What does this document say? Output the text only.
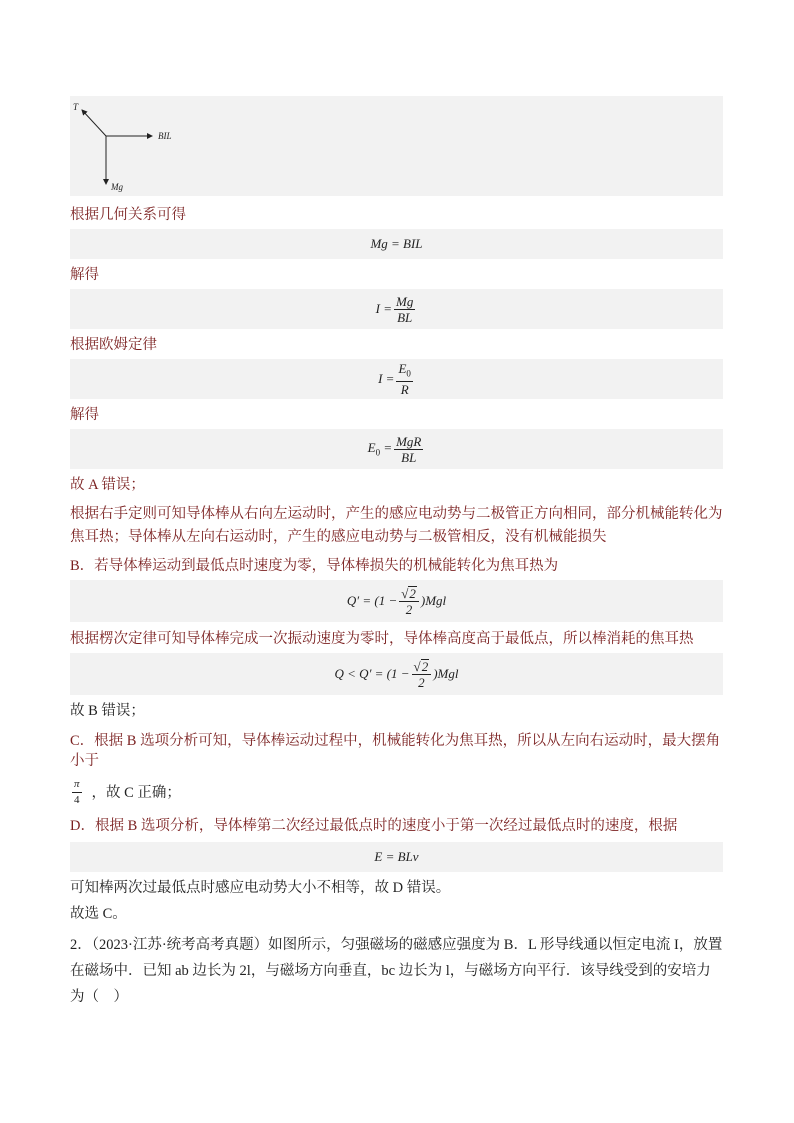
T
BIL
Mg

根据几何关系可得

Mg = BIL

解得

$I = \frac{Mg}{BL}$

根据欧姆定律

$I = \frac{E_0}{R}$

解得

$E_0 = \frac{\text{MgR}}{BL}$

故 A 错误；

根据右手定则可知导体棒从右向左运动时，产生的感应电动势与二极管正方向相同，部分机械能转化为焦耳热；导体棒从左向右运动时，产生的感应电动势与二极管相反，没有机械能损失

B．若导体棒运动到最低点时速度为零，导体棒损失的机械能转化为焦耳热为

$Q' = (1 - \frac{√ 2}{2} )Mgl$

根据楞次定律可知导体棒完成一次振动速度为零时，导体棒高度高于最低点，所以棒消耗的焦耳热

$Q < Q' = (1 - \frac{√ 2}{2} )Mgl$

故 B 错误；

C．根据 B 选项分析可知，导体棒运动过程中，机械能转化为焦耳热，所以从左向右运动时，最大摆角小于

$\frac{\pi}{4}$ ，故 C 正确；

D．根据 B 选项分析，导体棒第二次经过最低点时的速度小于第一次经过最低点时的速度，根据

E = BLv

可知棒两次过最低点时感应电动势大小不相等，故 D 错误。

故选 C。

2．（2023·江苏·统考高考真题）如图所示，匀强磁场的磁感应强度为 B．L 形导线通以恒定电流 I，放置在磁场中．已知 ab 边长为 2l，与磁场方向垂直，bc 边长为 l，与磁场方向平行．该导线受到的安培力为（　）
